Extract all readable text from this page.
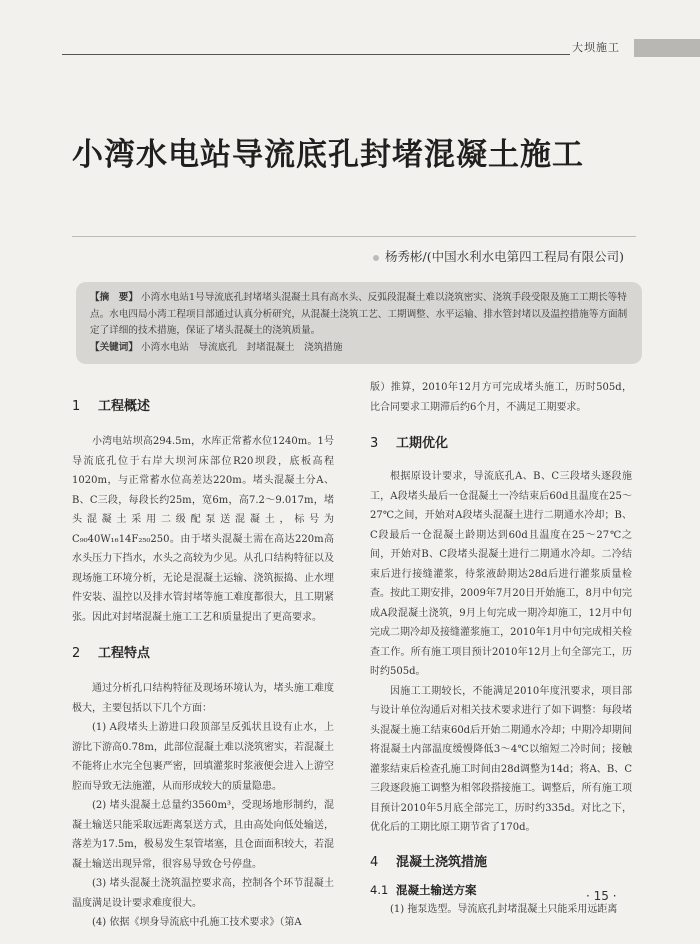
大坝施工
小湾水电站导流底孔封堵混凝土施工
杨秀彬/(中国水利水电第四工程局有限公司)
【摘　要】 小湾水电站1号导流底孔封堵堵头混凝土具有高水头、反弧段混凝土难以浇筑密实、浇筑手段受限及施工工期长等特点。水电四局小湾工程项目部通过认真分析研究，从混凝土浇筑工艺、工期调整、水平运输、排水管封堵以及温控措施等方面制定了详细的技术措施，保证了堵头混凝土的浇筑质量。
【关键词】 小湾水电站　导流底孔　封堵混凝土　浇筑措施
1 工程概述

小湾电站坝高294.5m，水库正常蓄水位1240m。1号导流底孔位于右岸大坝河床部位R20坝段，底板高程1020m，与正常蓄水位高差达220m。堵头混凝土分A、B、C三段，每段长约25m，宽6m，高7.2～9.017m，堵头混凝土采用二级配泵送混凝土，标号为C₉₀40W₁₆14F₂₅₀250。由于堵头混凝土需在高达220m高水头压力下挡水，水头之高较为少见。从孔口结构特征以及现场施工环境分析，无论是混凝土运输、浇筑振捣、止水埋件安装、温控以及排水管封堵等施工难度都很大，且工期紧张。因此对封堵混凝土施工工艺和质量提出了更高要求。

2 工程特点

通过分析孔口结构特征及现场环境认为，堵头施工难度极大，主要包括以下几个方面：

(1) A段堵头上游进口段顶部呈反弧状且设有止水，上游比下游高0.78m，此部位混凝土难以浇筑密实，若混凝土不能将止水完全包裹严密，回填灌浆时浆液便会进入上游空腔而导致无法施灌，从而形成较大的质量隐患。

(2) 堵头混凝土总量约3560m³，受现场地形制约，混凝土输送只能采取远距离泵送方式，且由高处向低处输送，落差为17.5m，极易发生泵管堵塞，且仓面面积较大，若混凝土输送出现异常，很容易导致仓号停盘。

(3) 堵头混凝土浇筑温控要求高，控制各个环节混凝土温度满足设计要求难度很大。

(4) 依据《坝身导流底中孔施工技术要求》（第A

版）推算，2010年12月方可完成堵头施工，历时505d，比合同要求工期滞后约6个月，不满足工期要求。

3 工期优化

根据原设计要求，导流底孔A、B、C三段堵头逐段施工，A段堵头最后一仓混凝土一冷结束后60d且温度在25～27℃之间，开始对A段堵头混凝土进行二期通水冷却；B、C段最后一仓混凝土龄期达到60d且温度在25～27℃之间，开始对B、C段堵头混凝土进行二期通水冷却。二冷结束后进行接缝灌浆，待浆液龄期达28d后进行灌浆质量检查。按此工期安排，2009年7月20日开始施工，8月中旬完成A段混凝土浇筑，9月上旬完成一期冷却施工，12月中旬完成二期冷却及接缝灌浆施工，2010年1月中旬完成相关检查工作。所有施工项目预计2010年12月上旬全部完工，历时约505d。

因施工工期较长，不能满足2010年度汛要求，项目部与设计单位沟通后对相关技术要求进行了如下调整：每段堵头混凝土施工结束60d后开始二期通水冷却；中期冷却期间将混凝土内部温度缓慢降低3～4℃以缩短二冷时间；接触灌浆结束后检查孔施工时间由28d调整为14d；将A、B、C三段逐段施工调整为相邻段搭接施工。调整后，所有施工项目预计2010年5月底全部完工，历时约335d。对比之下，优化后的工期比原工期节省了170d。

4 混凝土浇筑措施
4.1 混凝土输送方案

(1) 拖泵选型。导流底孔封堵混凝土只能采用远距离

· 15 ·
